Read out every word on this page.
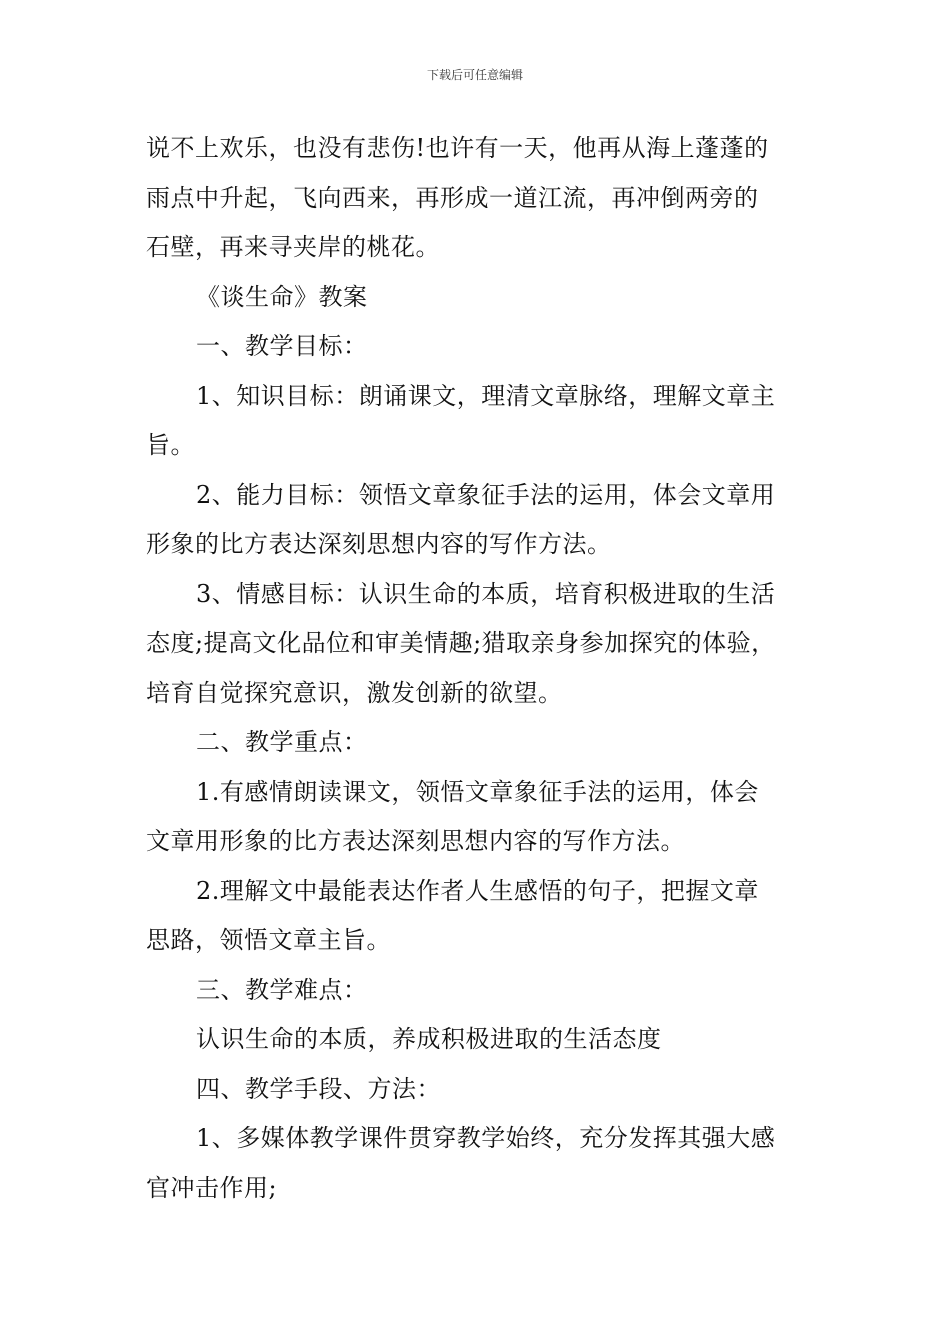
下载后可任意编辑
说不上欢乐，也没有悲伤!也许有一天，他再从海上蓬蓬的
雨点中升起，飞向西来，再形成一道江流，再冲倒两旁的
石壁，再来寻夹岸的桃花。
《谈生命》教案
一、教学目标：
1、知识目标：朗诵课文，理清文章脉络，理解文章主
旨。
2、能力目标：领悟文章象征手法的运用，体会文章用
形象的比方表达深刻思想内容的写作方法。
3、情感目标：认识生命的本质，培育积极进取的生活
态度;提高文化品位和审美情趣;猎取亲身参加探究的体验，
培育自觉探究意识，激发创新的欲望。
二、教学重点：
1.有感情朗读课文，领悟文章象征手法的运用，体会
文章用形象的比方表达深刻思想内容的写作方法。
2.理解文中最能表达作者人生感悟的句子，把握文章
思路，领悟文章主旨。
三、教学难点：
认识生命的本质，养成积极进取的生活态度
四、教学手段、方法：
1、多媒体教学课件贯穿教学始终，充分发挥其强大感
官冲击作用;
